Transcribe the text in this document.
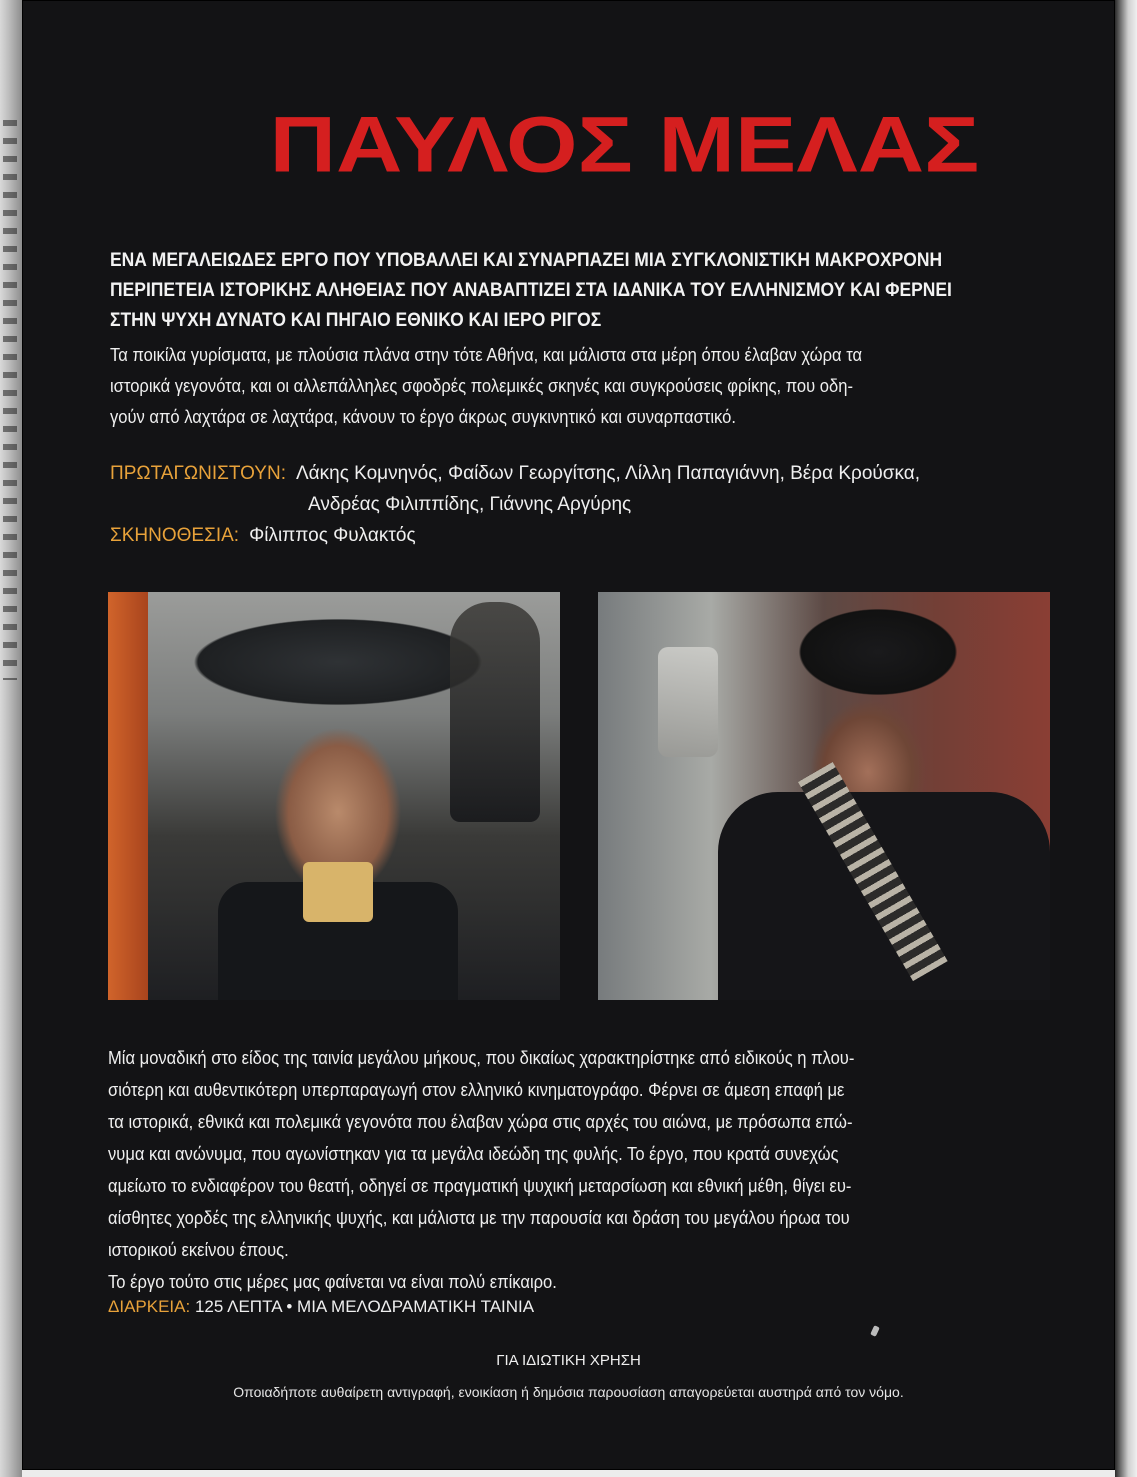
ΠΑΥΛΟΣ ΜΕΛΑΣ
ΕΝΑ ΜΕΓΑΛΕΙΩΔΕΣ ΕΡΓΟ ΠΟΥ ΥΠΟΒΑΛΛΕΙ ΚΑΙ ΣΥΝΑΡΠΑΖΕΙ ΜΙΑ ΣΥΓΚΛΟΝΙΣΤΙΚΗ ΜΑΚΡΟΧΡΟΝΗ
ΠΕΡΙΠΕΤΕΙΑ ΙΣΤΟΡΙΚΗΣ ΑΛΗΘΕΙΑΣ ΠΟΥ ΑΝΑΒΑΠΤΙΖΕΙ ΣΤΑ ΙΔΑΝΙΚΑ ΤΟΥ ΕΛΛΗΝΙΣΜΟΥ ΚΑΙ ΦΕΡΝΕΙ
ΣΤΗΝ ΨΥΧΗ ΔΥΝΑΤΟ ΚΑΙ ΠΗΓΑΙΟ ΕΘΝΙΚΟ ΚΑΙ ΙΕΡΟ ΡΙΓΟΣ
Τα ποικίλα γυρίσματα, με πλούσια πλάνα στην τότε Αθήνα, και μάλιστα στα μέρη όπου έλαβαν χώρα τα
ιστορικά γεγονότα, και οι αλλεπάλληλες σφοδρές πολεμικές σκηνές και συγκρούσεις φρίκης, που οδη-
γούν από λαχτάρα σε λαχτάρα, κάνουν το έργο άκρως συγκινητικό και συναρπαστικό.
ΠΡΩΤΑΓΩΝΙΣΤΟΥΝ: Λάκης Κομνηνός, Φαίδων Γεωργίτσης, Λίλλη Παπαγιάννη, Βέρα Κρούσκα,
Ανδρέας Φιλιππίδης, Γιάννης Αργύρης
ΣΚΗΝΟΘΕΣΙΑ: Φίλιππος Φυλακτός
Μία μοναδική στο είδος της ταινία μεγάλου μήκους, που δικαίως χαρακτηρίστηκε από ειδικούς η πλου-
σιότερη και αυθεντικότερη υπερπαραγωγή στον ελληνικό κινηματογράφο. Φέρνει σε άμεση επαφή με
τα ιστορικά, εθνικά και πολεμικά γεγονότα που έλαβαν χώρα στις αρχές του αιώνα, με πρόσωπα επώ-
νυμα και ανώνυμα, που αγωνίστηκαν για τα μεγάλα ιδεώδη της φυλής. Το έργο, που κρατά συνεχώς
αμείωτο το ενδιαφέρον του θεατή, οδηγεί σε πραγματική ψυχική μεταρσίωση και εθνική μέθη, θίγει ευ-
αίσθητες χορδές της ελληνικής ψυχής, και μάλιστα με την παρουσία και δράση του μεγάλου ήρωα του
ιστορικού εκείνου έπους.
Το έργο τούτο στις μέρες μας φαίνεται να είναι πολύ επίκαιρο.
ΔΙΑΡΚΕΙΑ: 125 ΛΕΠΤΑ • ΜΙΑ ΜΕΛΟΔΡΑΜΑΤΙΚΗ ΤΑΙΝΙΑ
ΓΙΑ ΙΔΙΩΤΙΚΗ ΧΡΗΣΗ
Οποιαδήποτε αυθαίρετη αντιγραφή, ενοικίαση ή δημόσια παρουσίαση απαγορεύεται αυστηρά από τον νόμο.
